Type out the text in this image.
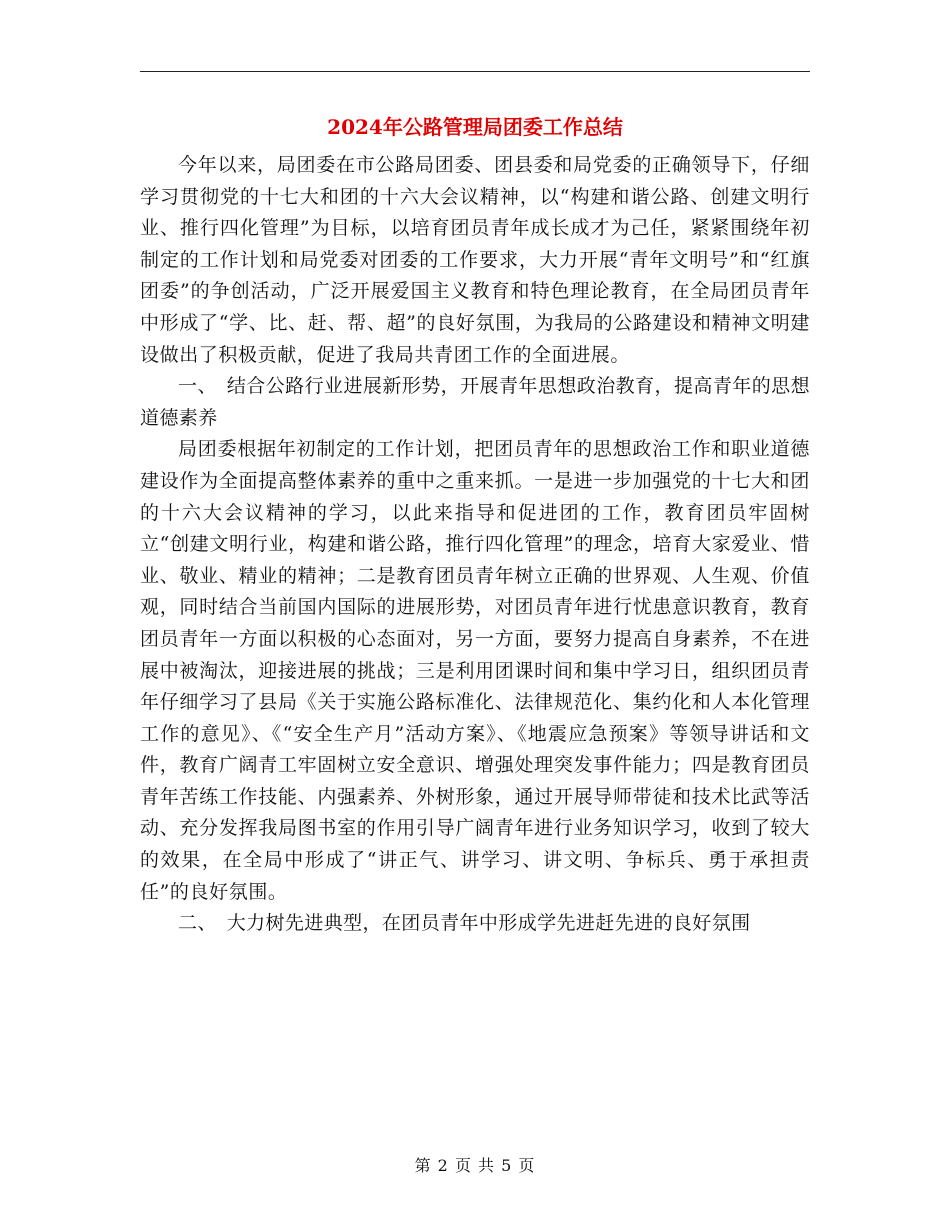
2024年公路管理局团委工作总结

今年以来，局团委在市公路局团委、团县委和局党委的正确领导下，仔细学习贯彻党的十七大和团的十六大会议精神，以“构建和谐公路、创建文明行业、推行四化管理”为目标，以培育团员青年成长成才为己任，紧紧围绕年初制定的工作计划和局党委对团委的工作要求，大力开展“青年文明号”和“红旗团委”的争创活动，广泛开展爱国主义教育和特色理论教育，在全局团员青年中形成了“学、比、赶、帮、超”的良好氛围，为我局的公路建设和精神文明建设做出了积极贡献，促进了我局共青团工作的全面进展。

一、　结合公路行业进展新形势，开展青年思想政治教育，提高青年的思想道德素养

局团委根据年初制定的工作计划，把团员青年的思想政治工作和职业道德建设作为全面提高整体素养的重中之重来抓。一是进一步加强党的十七大和团的十六大会议精神的学习，以此来指导和促进团的工作，教育团员牢固树立“创建文明行业，构建和谐公路，推行四化管理”的理念，培育大家爱业、惜业、敬业、精业的精神；二是教育团员青年树立正确的世界观、人生观、价值观，同时结合当前国内国际的进展形势，对团员青年进行忧患意识教育，教育团员青年一方面以积极的心态面对，另一方面，要努力提高自身素养，不在进展中被淘汰，迎接进展的挑战；三是利用团课时间和集中学习日，组织团员青年仔细学习了县局《关于实施公路标准化、法律规范化、集约化和人本化管理工作的意见》、《“安全生产月”活动方案》、《地震应急预案》等领导讲话和文件，教育广阔青工牢固树立安全意识、增强处理突发事件能力；四是教育团员青年苦练工作技能、内强素养、外树形象，通过开展导师带徒和技术比武等活动、充分发挥我局图书室的作用引导广阔青年进行业务知识学习，收到了较大的效果，在全局中形成了“讲正气、讲学习、讲文明、争标兵、勇于承担责任”的良好氛围。

二、　大力树先进典型，在团员青年中形成学先进赶先进的良好氛围

第 2 页 共 5 页
